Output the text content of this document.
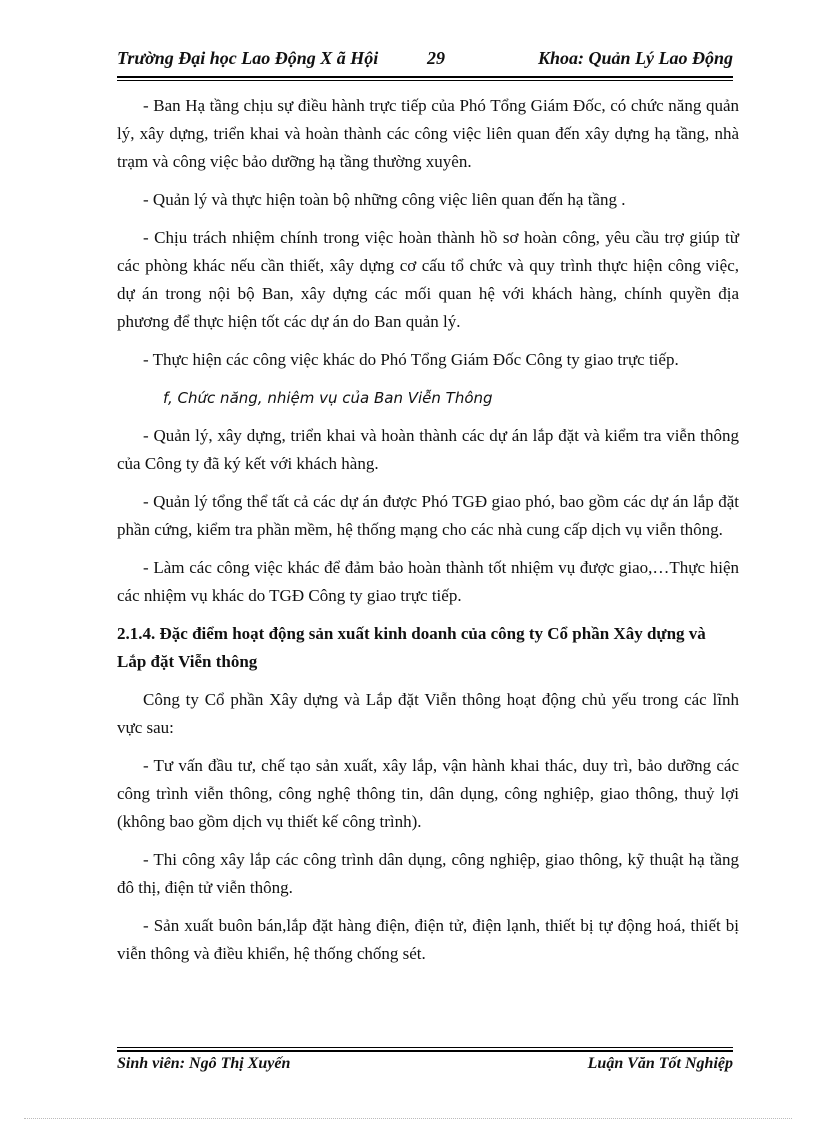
Trường Đại học Lao Động X ã Hội	29	Khoa: Quản Lý Lao Động

- Ban Hạ tầng chịu sự điều hành trực tiếp của Phó Tổng Giám Đốc, có chức năng quản lý, xây dựng, triển khai và hoàn thành các công việc liên quan đến xây dựng hạ tầng, nhà trạm và công việc bảo dưỡng hạ tầng thường xuyên.

- Quản lý và thực hiện toàn bộ những công việc liên quan đến hạ tầng .

- Chịu trách nhiệm chính trong việc hoàn thành hồ sơ hoàn công, yêu cầu trợ giúp từ các phòng khác nếu cần thiết, xây dựng cơ cấu tổ chức và quy trình thực hiện công việc, dự án trong nội bộ Ban, xây dựng các mối quan hệ với khách hàng, chính quyền địa phương để thực hiện tốt các dự án do Ban quản lý.

- Thực hiện các công việc khác do Phó Tổng Giám Đốc Công ty giao trực tiếp.

f, Chức năng, nhiệm vụ của Ban Viễn Thông

- Quản lý, xây dựng, triển khai và hoàn thành các dự án lắp đặt và kiểm tra viễn thông của Công ty đã ký kết với khách hàng.

- Quản lý tổng thể tất cả các dự án được Phó TGĐ giao phó, bao gồm các dự án lắp đặt phần cứng, kiểm tra phần mềm, hệ thống mạng cho các nhà cung cấp dịch vụ viễn thông.

- Làm các công việc khác để đảm bảo hoàn thành tốt nhiệm vụ được giao,…Thực hiện các nhiệm vụ khác do TGĐ Công ty giao trực tiếp.

2.1.4. Đặc điểm hoạt động sản xuất kinh doanh của công ty Cổ phần Xây dựng và Lắp đặt Viễn thông

Công ty Cổ phần Xây dựng và Lắp đặt Viễn thông hoạt động chủ yếu trong các lĩnh vực sau:

- Tư vấn đầu tư, chế tạo sản xuất, xây lắp, vận hành khai thác, duy trì, bảo dưỡng các công trình viễn thông, công nghệ thông tin, dân dụng, công nghiệp, giao thông, thuỷ lợi (không bao gồm dịch vụ thiết kế công trình).

- Thi công xây lắp các công trình dân dụng, công nghiệp, giao thông, kỹ thuật hạ tầng đô thị, điện tử viễn thông.

- Sản xuất buôn bán,lắp đặt hàng điện, điện tử, điện lạnh, thiết bị tự động hoá, thiết bị viễn thông và điều khiển, hệ thống chống sét.

Sinh viên: Ngô Thị Xuyến	Luận Văn Tốt Nghiệp
